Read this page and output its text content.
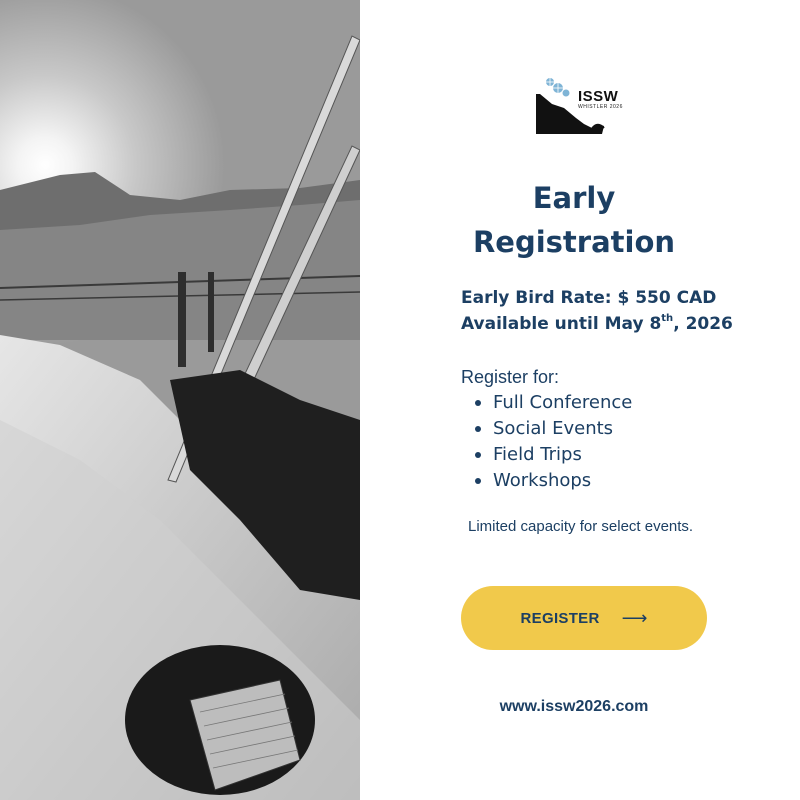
ISSW
WHISTLER 2026
Early
Registration
Early Bird Rate: $ 550 CAD
Available until May 8th, 2026
Register for:
Full Conference
Social Events
Field Trips
Workshops
Limited capacity for select events.
REGISTER ⟶
www.issw2026.com
